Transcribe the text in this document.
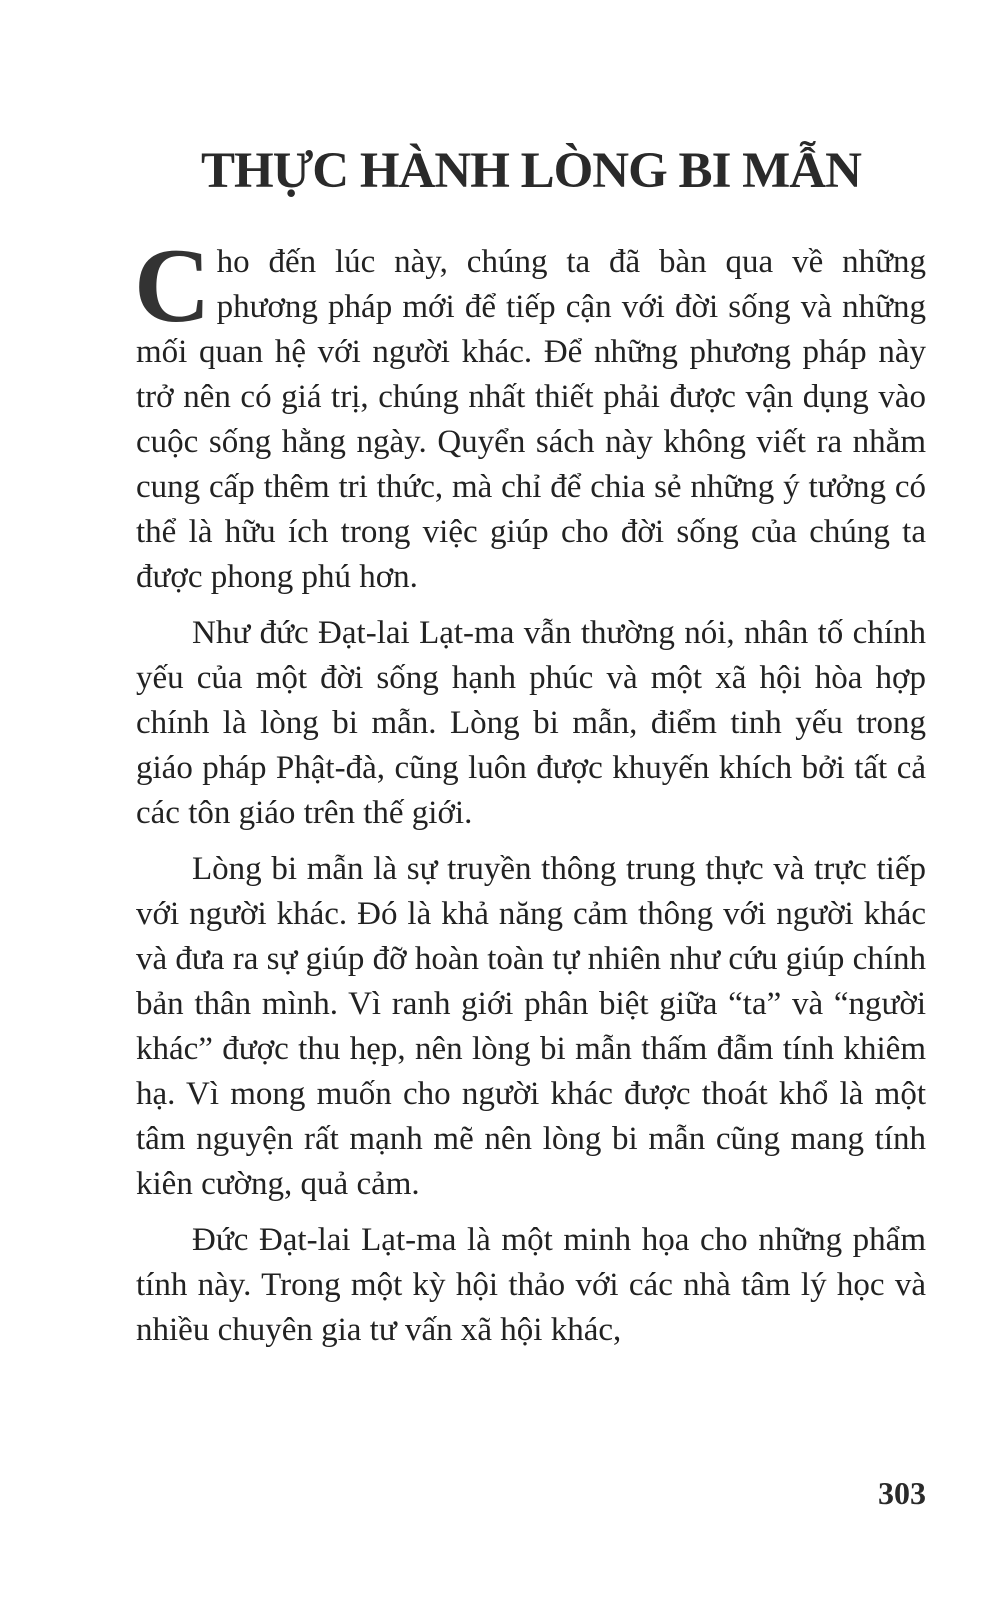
THỰC HÀNH LÒNG BI MẪN

Cho đến lúc này, chúng ta đã bàn qua về những phương pháp mới để tiếp cận với đời sống và những mối quan hệ với người khác. Để những phương pháp này trở nên có giá trị, chúng nhất thiết phải được vận dụng vào cuộc sống hằng ngày. Quyển sách này không viết ra nhằm cung cấp thêm tri thức, mà chỉ để chia sẻ những ý tưởng có thể là hữu ích trong việc giúp cho đời sống của chúng ta được phong phú hơn.

Như đức Đạt-lai Lạt-ma vẫn thường nói, nhân tố chính yếu của một đời sống hạnh phúc và một xã hội hòa hợp chính là lòng bi mẫn. Lòng bi mẫn, điểm tinh yếu trong giáo pháp Phật-đà, cũng luôn được khuyến khích bởi tất cả các tôn giáo trên thế giới.

Lòng bi mẫn là sự truyền thông trung thực và trực tiếp với người khác. Đó là khả năng cảm thông với người khác và đưa ra sự giúp đỡ hoàn toàn tự nhiên như cứu giúp chính bản thân mình. Vì ranh giới phân biệt giữa “ta” và “người khác” được thu hẹp, nên lòng bi mẫn thấm đẫm tính khiêm hạ. Vì mong muốn cho người khác được thoát khổ là một tâm nguyện rất mạnh mẽ nên lòng bi mẫn cũng mang tính kiên cường, quả cảm.

Đức Đạt-lai Lạt-ma là một minh họa cho những phẩm tính này. Trong một kỳ hội thảo với các nhà tâm lý học và nhiều chuyên gia tư vấn xã hội khác,

303
